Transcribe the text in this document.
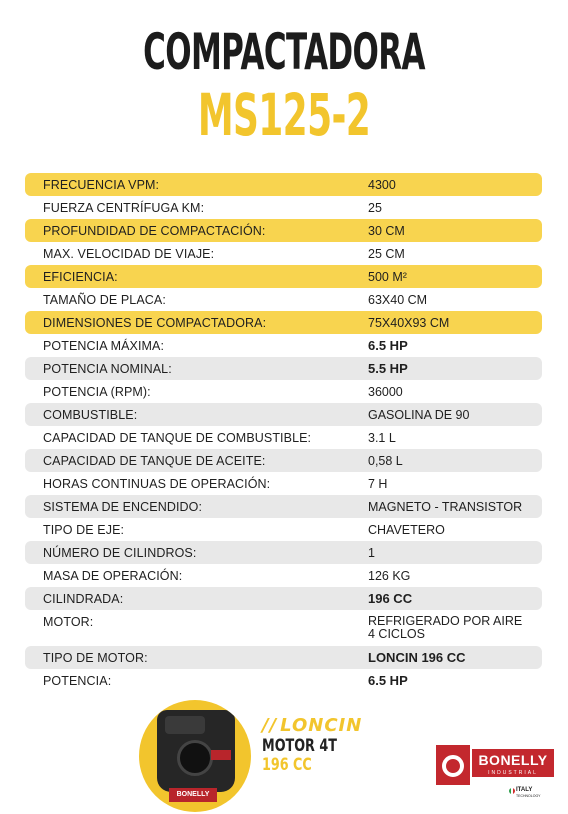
COMPACTADORA
MS125-2
FRECUENCIA VPM:	4300
FUERZA CENTRÍFUGA KM:	25
PROFUNDIDAD DE COMPACTACIÓN:	30 CM
MAX. VELOCIDAD DE VIAJE:	25 CM
EFICIENCIA:	500 M²
TAMAÑO DE PLACA:	63X40 CM
DIMENSIONES DE COMPACTADORA:	75X40X93 CM
POTENCIA MÁXIMA:	6.5 HP
POTENCIA NOMINAL:	5.5 HP
POTENCIA (RPM):	36000
COMBUSTIBLE:	GASOLINA DE 90
CAPACIDAD DE TANQUE DE COMBUSTIBLE:	3.1 L
CAPACIDAD DE TANQUE DE ACEITE:	0,58 L
HORAS CONTINUAS DE OPERACIÓN:	7 H
SISTEMA DE ENCENDIDO:	MAGNETO - TRANSISTOR
TIPO DE EJE:	CHAVETERO
NÚMERO DE CILINDROS:	1
MASA DE OPERACIÓN:	126 KG
CILINDRADA:	196 CC
MOTOR:	REFRIGERADO POR AIRE
4 CICLOS
TIPO DE MOTOR:	LONCIN 196 CC
POTENCIA:	6.5 HP
BONELLY
// LONCIN
MOTOR 4T
196 CC	BONELLY
INDUSTRIAL
ITALY
TECHNOLOGY
